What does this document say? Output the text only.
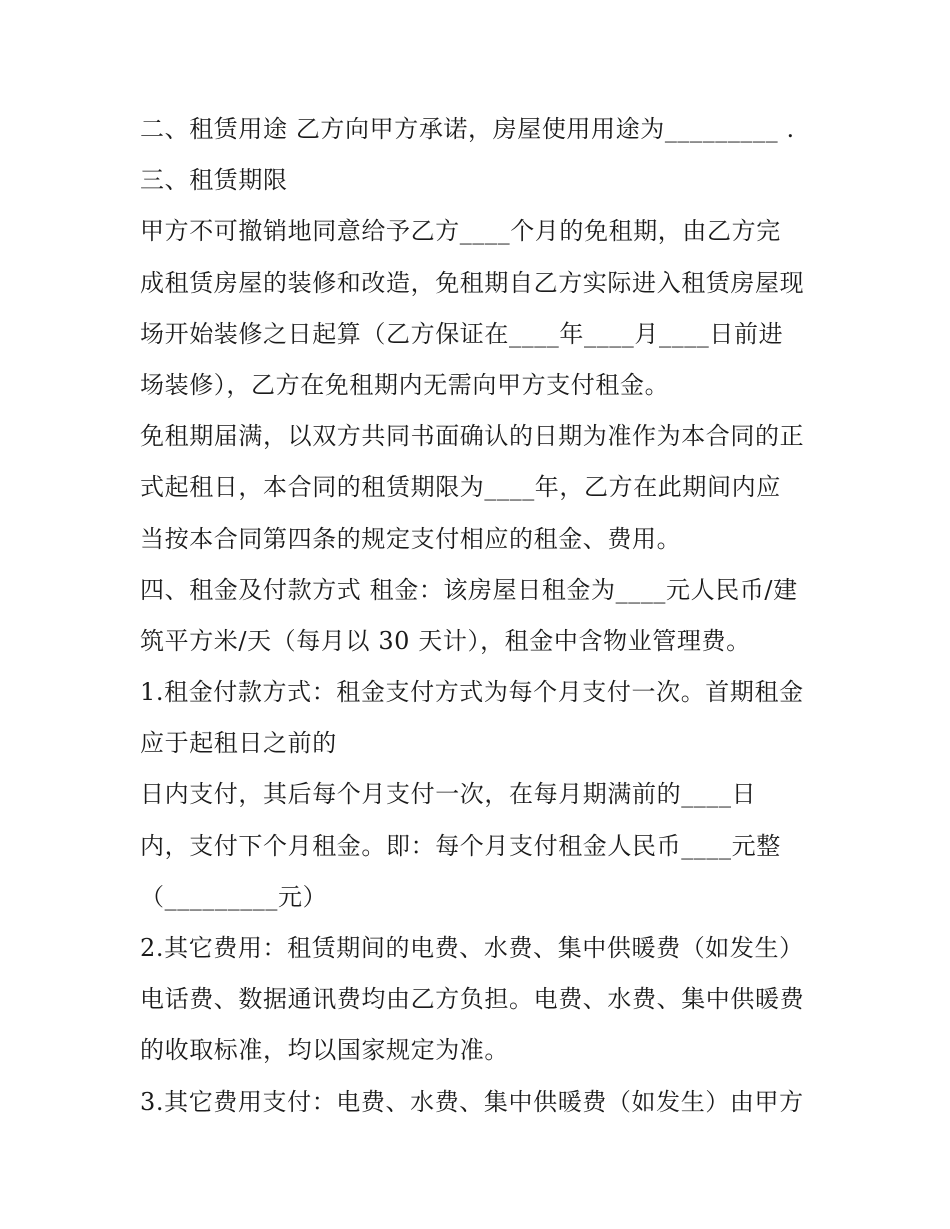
二、租赁用途 乙方向甲方承诺，房屋使用用途为_________ .
三、租赁期限
甲方不可撤销地同意给予乙方____个月的免租期，由乙方完
成租赁房屋的装修和改造，免租期自乙方实际进入租赁房屋现
场开始装修之日起算（乙方保证在____年____月____日前进
场装修），乙方在免租期内无需向甲方支付租金。
免租期届满，以双方共同书面确认的日期为准作为本合同的正
式起租日，本合同的租赁期限为____年，乙方在此期间内应
当按本合同第四条的规定支付相应的租金、费用。
四、租金及付款方式 租金：该房屋日租金为____元人民币/建
筑平方米/天（每月以 30 天计），租金中含物业管理费。
1.租金付款方式：租金支付方式为每个月支付一次。首期租金
应于起租日之前的
日内支付，其后每个月支付一次，在每月期满前的____日
内，支付下个月租金。即：每个月支付租金人民币____元整
（_________元）
2.其它费用：租赁期间的电费、水费、集中供暖费（如发生）
电话费、数据通讯费均由乙方负担。电费、水费、集中供暖费
的收取标准，均以国家规定为准。
3.其它费用支付：电费、水费、集中供暖费（如发生）由甲方
